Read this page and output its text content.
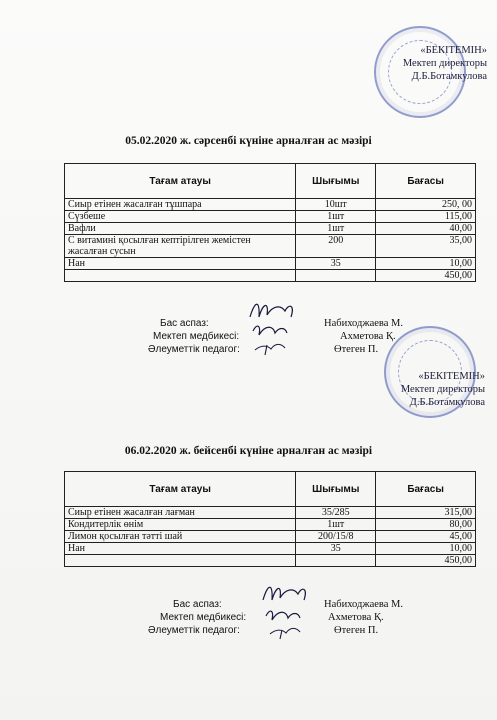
«БЕКІТЕМІН»
Мектеп директоры
Д.Б.Ботамкулова
05.02.2020 ж. сәрсенбі күніне арналған ас мәзірі
Тағам атауы	Шығымы	Бағасы
Сиыр етінен жасалған тұшпара	10шт	250, 00
Сүзбеше	1шт	115,00
Вафли	1шт	40,00
С витамині қосылған кептірілген жемістен жасалған сусын	200	35,00
Нан	35	10,00
		450,00
Бас аспаз:	Набиходжаева М.
Мектеп медбикесі:	Ахметова Қ.
Әлеуметтік педагог:	Өтеген П.
«БЕКІТЕМІН»
Мектеп директоры
Д.Б.Ботамкулова
06.02.2020 ж. бейсенбі күніне арналған ас мәзірі
Тағам атауы	Шығымы	Бағасы
Сиыр етінен жасалған лағман	35/285	315,00
Кондитерлік өнім	1шт	80,00
Лимон қосылған тәтті шай	200/15/8	45,00
Нан	35	10,00
		450,00
Бас аспаз:	Набиходжаева М.
Мектеп медбикесі:	Ахметова Қ.
Әлеуметтік педагог:	Өтеген П.
